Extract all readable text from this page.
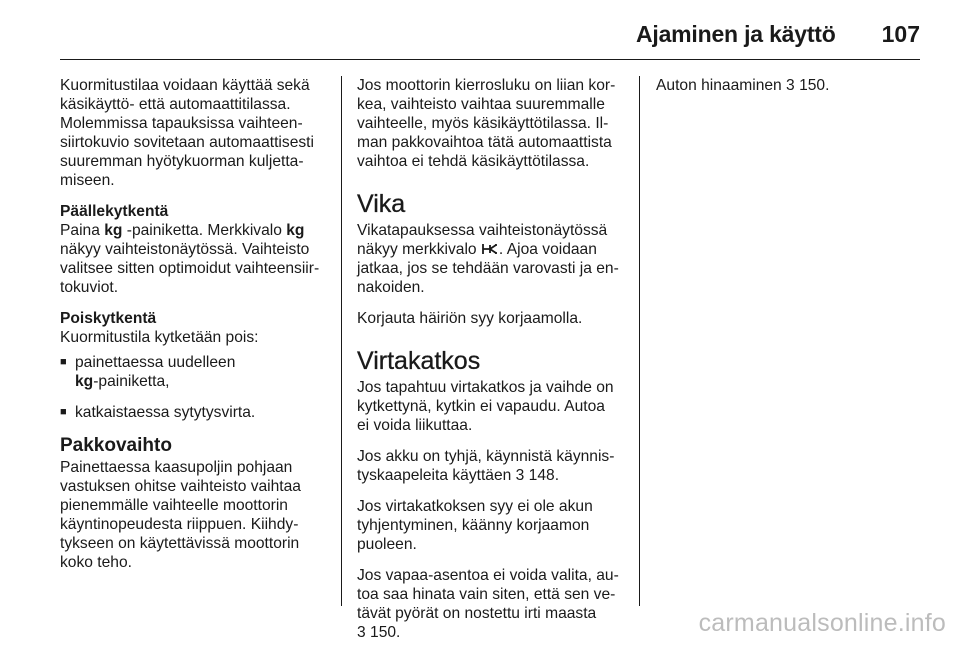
Ajaminen ja käyttö 107
Kuormitustilaa voidaan käyttää sekä
käsikäyttö- että automaattitilassa.
Molemmissa tapauksissa vaihteen-
siirtokuvio sovitetaan automaattisesti
suuremman hyötykuorman kuljetta-
miseen.
Päällekytkentä
Paina kg -painiketta. Merkkivalo kg
näkyy vaihteistonäytössä. Vaihteisto
valitsee sitten optimoidut vaihteensiir-
tokuviot.
Poiskytkentä
Kuormitustila kytketään pois:
■ painettaessa uudelleen
kg-painiketta,
■ katkaistaessa sytytysvirta.
Pakkovaihto
Painettaessa kaasupoljin pohjaan
vastuksen ohitse vaihteisto vaihtaa
pienemmälle vaihteelle moottorin
käyntinopeudesta riippuen. Kiihdy-
tykseen on käytettävissä moottorin
koko teho.
Jos moottorin kierrosluku on liian kor-
kea, vaihteisto vaihtaa suuremmalle
vaihteelle, myös käsikäyttötilassa. Il-
man pakkovaihtoa tätä automaattista
vaihtoa ei tehdä käsikäyttötilassa.
Vika
Vikatapauksessa vaihteistonäytössä
näkyy merkkivalo . Ajoa voidaan
jatkaa, jos se tehdään varovasti ja en-
nakoiden.
Korjauta häiriön syy korjaamolla.
Virtakatkos
Jos tapahtuu virtakatkos ja vaihde on
kytkettynä, kytkin ei vapaudu. Autoa
ei voida liikuttaa.
Jos akku on tyhjä, käynnistä käynnis-
tyskaapeleita käyttäen 3 148.
Jos virtakatkoksen syy ei ole akun
tyhjentyminen, käänny korjaamon
puoleen.
Jos vapaa-asentoa ei voida valita, au-
toa saa hinata vain siten, että sen ve-
tävät pyörät on nostettu irti maasta
3 150.
Auton hinaaminen 3 150.
carmanualsonline.info
